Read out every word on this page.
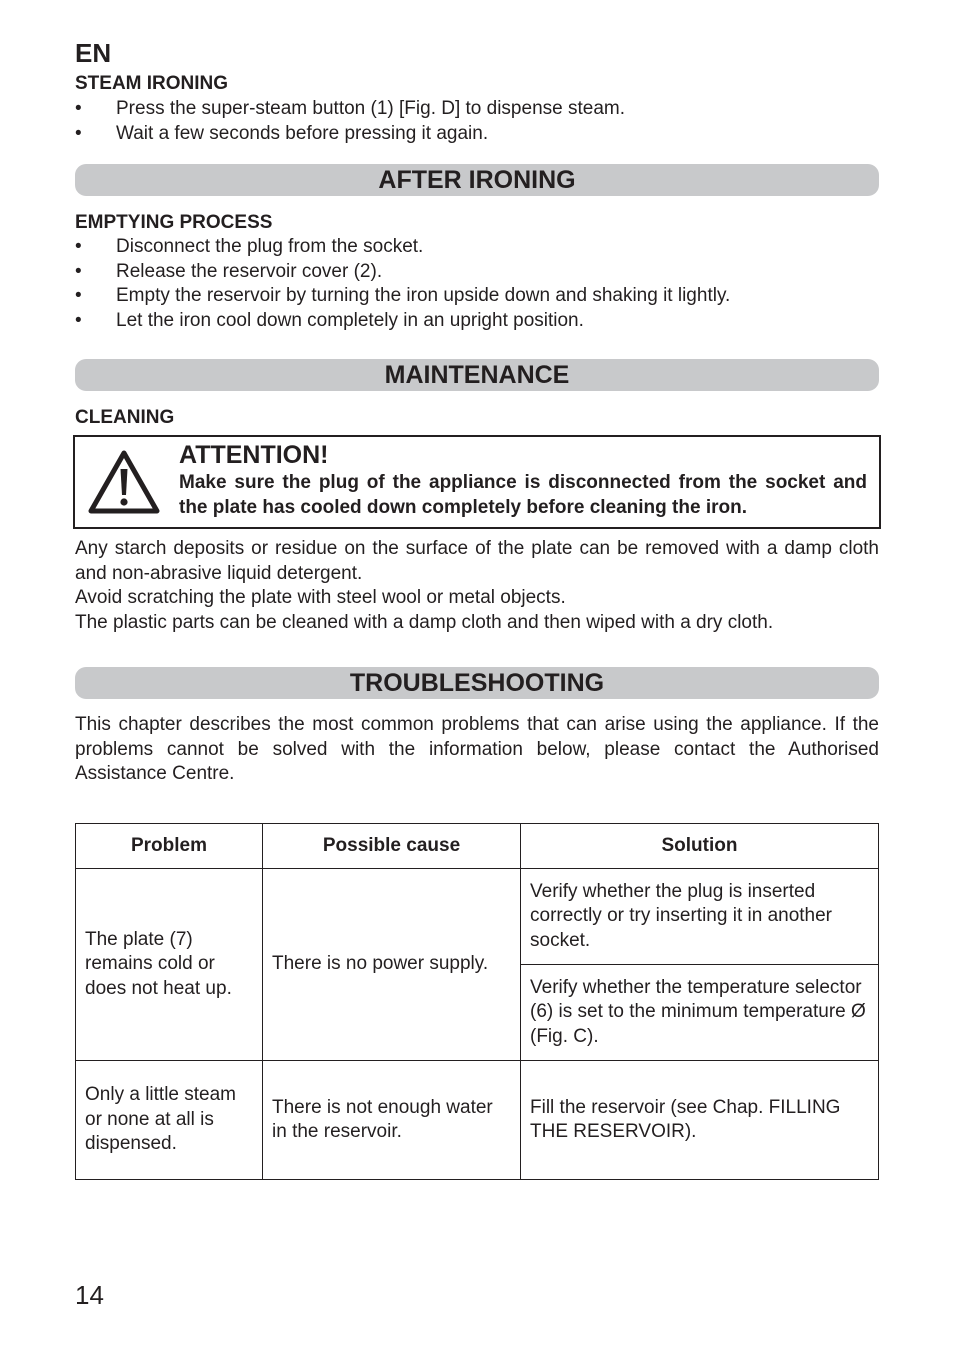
EN
STEAM IRONING
• Press the super-steam button (1) [Fig. D] to dispense steam.
• Wait a few seconds before pressing it again.
AFTER IRONING
EMPTYING PROCESS
• Disconnect the plug from the socket.
• Release the reservoir cover (2).
• Empty the reservoir by turning the iron upside down and shaking it lightly.
• Let the iron cool down completely in an upright position.
MAINTENANCE
CLEANING
ATTENTION!
Make sure the plug of the appliance is disconnected from the socket and the plate has cooled down completely before cleaning the iron.

Any starch deposits or residue on the surface of the plate can be removed with a damp cloth and non-abrasive liquid detergent.

Avoid scratching the plate with steel wool or metal objects.

The plastic parts can be cleaned with a damp cloth and then wiped with a dry cloth.

TROUBLESHOOTING

This chapter describes the most common problems that can arise using the appliance. If the problems cannot be solved with the information below, please contact the Authorised Assistance Centre.

Problem	Possible cause	Solution
The plate (7) remains cold or does not heat up.	There is no power supply.	Verify whether the plug is inserted correctly or try inserting it in another socket.
		Verify whether the temperature selector (6) is set to the minimum temperature Ø (Fig. C).
Only a little steam or none at all is dispensed.	There is not enough water in the reservoir.	Fill the reservoir (see Chap. FILLING THE RESERVOIR).
14
